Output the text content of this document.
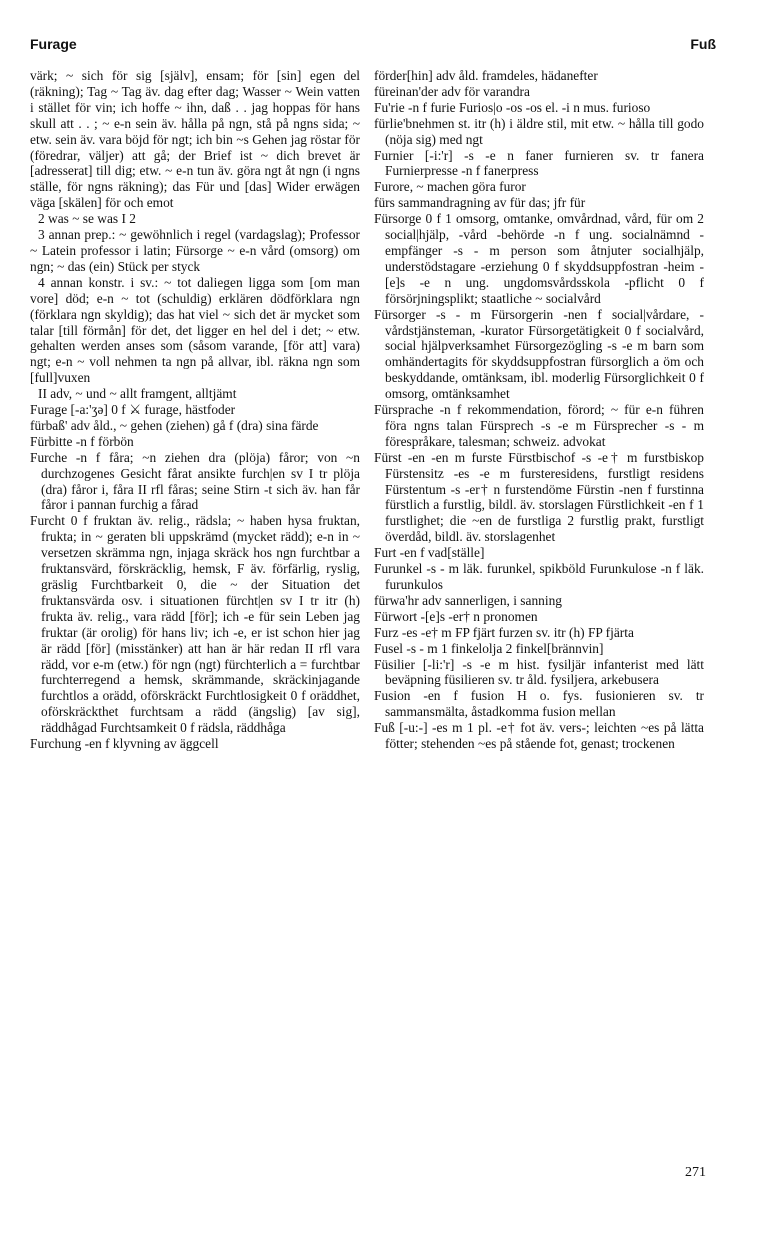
Furage	Fuß

värk; ~ sich för sig [själv], ensam; för [sin] egen del (räkning); Tag ~ Tag äv. dag efter dag; Wasser ~ Wein vatten i stället för vin; ich hoffe ~ ihn, daß . . jag hoppas för hans skull att . . ; ~ e-n sein äv. hålla på ngn, stå på ngns sida; ~ etw. sein äv. vara böjd för ngt; ich bin ~s Gehen jag röstar för (föredrar, väljer) att gå; der Brief ist ~ dich brevet är [adresserat] till dig; etw. ~ e-n tun äv. göra ngt åt ngn (i ngns ställe, för ngns räkning); das Für und [das] Wider erwägen väga [skälen] för och emot

2 was ~ se was I 2

3 annan prep.: ~ gewöhnlich i regel (vardagslag); Professor ~ Latein professor i latin; Fürsorge ~ e-n vård (omsorg) om ngn; ~ das (ein) Stück per styck

4 annan konstr. i sv.: ~ tot daliegen ligga som [om man vore] död; e-n ~ tot (schuldig) erklären dödförklara ngn (förklara ngn skyldig); das hat viel ~ sich det är mycket som talar [till förmån] för det, det ligger en hel del i det; ~ etw. gehalten werden anses som (såsom varande, [för att] vara) ngt; e-n ~ voll nehmen ta ngn på allvar, ibl. räkna ngn som [full]vuxen

II adv, ~ und ~ allt framgent, alltjämt

Furage [-a:'ʒə] 0 f ⚔ furage, hästfoder

fürbaß' adv åld., ~ gehen (ziehen) gå f (dra) sina färde

Fürbitte -n f förbön

Furche -n f fåra; ~n ziehen dra (plöja) fåror; von ~n durchzogenes Gesicht fårat ansikte furch|en sv I tr plöja (dra) fåror i, fåra II rfl fåras; seine Stirn -t sich äv. han får fåror i pannan furchig a fårad

Furcht 0 f fruktan äv. relig., rädsla; ~ haben hysa fruktan, frukta; in ~ geraten bli uppskrämd (mycket rädd); e-n in ~ versetzen skrämma ngn, injaga skräck hos ngn furchtbar a fruktansvärd, förskräcklig, hemsk, F äv. förfärlig, ryslig, gräslig Furchtbarkeit 0, die ~ der Situation det fruktansvärda osv. i situationen fürcht|en sv I tr itr (h) frukta äv. relig., vara rädd [för]; ich -e für sein Leben jag fruktar (är orolig) för hans liv; ich -e, er ist schon hier jag är rädd [för] (misstänker) att han är här redan II rfl vara rädd, vor e-m (etw.) för ngn (ngt) fürchterlich a = furchtbar furchterregend a hemsk, skrämmande, skräckinjagande furchtlos a orädd, oförskräckt Furchtlosigkeit 0 f oräddhet, oförskräckthet furchtsam a rädd (ängslig) [av sig], räddhågad Furchtsamkeit 0 f rädsla, räddhåga

Furchung -en f klyvning av äggcell

förder[hin] adv åld. framdeles, hädanefter

füreinan'der adv för varandra

Fu'rie -n f furie Furios|o -os -os el. -i n mus. furioso

fürlie'bnehmen st. itr (h) i äldre stil, mit etw. ~ hålla till godo (nöja sig) med ngt

Furnier [-i:'r] -s -e n faner furnieren sv. tr fanera Furnierpresse -n f fanerpress

Furore, ~ machen göra furor

fürs sammandragning av für das; jfr für

Fürsorge 0 f 1 omsorg, omtanke, omvårdnad, vård, für om 2 social|hjälp, -vård -behörde -n f ung. socialnämnd -empfänger -s - m person som åtnjuter socialhjälp, understödstagare -erziehung 0 f skyddsuppfostran -heim -[e]s -e n ung. ungdomsvårdsskola -pflicht 0 f försörjningsplikt; staatliche ~ socialvård

Fürsorger -s - m Fürsorgerin -nen f social|vårdare, -vårdstjänsteman, -kurator Fürsorgetätigkeit 0 f socialvård, social hjälpverksamhet Fürsorgezögling -s -e m barn som omhändertagits för skyddsuppfostran fürsorglich a öm och beskyddande, omtänksam, ibl. moderlig Fürsorglichkeit 0 f omsorg, omtänksamhet

Fürsprache -n f rekommendation, förord; ~ für e-n führen föra ngns talan Fürsprech -s -e m Fürsprecher -s - m förespråkare, talesman; schweiz. advokat

Fürst -en -en m furste Fürstbischof -s -e† m furstbiskop Fürstensitz -es -e m fursteresidens, furstligt residens Fürstentum -s -er† n furstendöme Fürstin -nen f furstinna fürstlich a furstlig, bildl. äv. storslagen Fürstlichkeit -en f 1 furstlighet; die ~en de furstliga 2 furstlig prakt, furstligt överdåd, bildl. äv. storslagenhet

Furt -en f vad[ställe]

Furunkel -s - m läk. furunkel, spikböld Furunkulose -n f läk. furunkulos

fürwa'hr adv sannerligen, i sanning

Fürwort -[e]s -er† n pronomen

Furz -es -e† m FP fjärt furzen sv. itr (h) FP fjärta

Fusel -s - m 1 finkelolja 2 finkel[brännvin]

Füsilier [-li:'r] -s -e m hist. fysiljär infanterist med lätt beväpning füsilieren sv. tr åld. fysiljera, arkebusera

Fusion -en f fusion H o. fys. fusionieren sv. tr sammansmälta, åstadkomma fusion mellan

Fuß [-u:-] -es m 1 pl. -e† fot äv. vers-; leichten ~es på lätta fötter; stehenden ~es på stående fot, genast; trockenen

271
